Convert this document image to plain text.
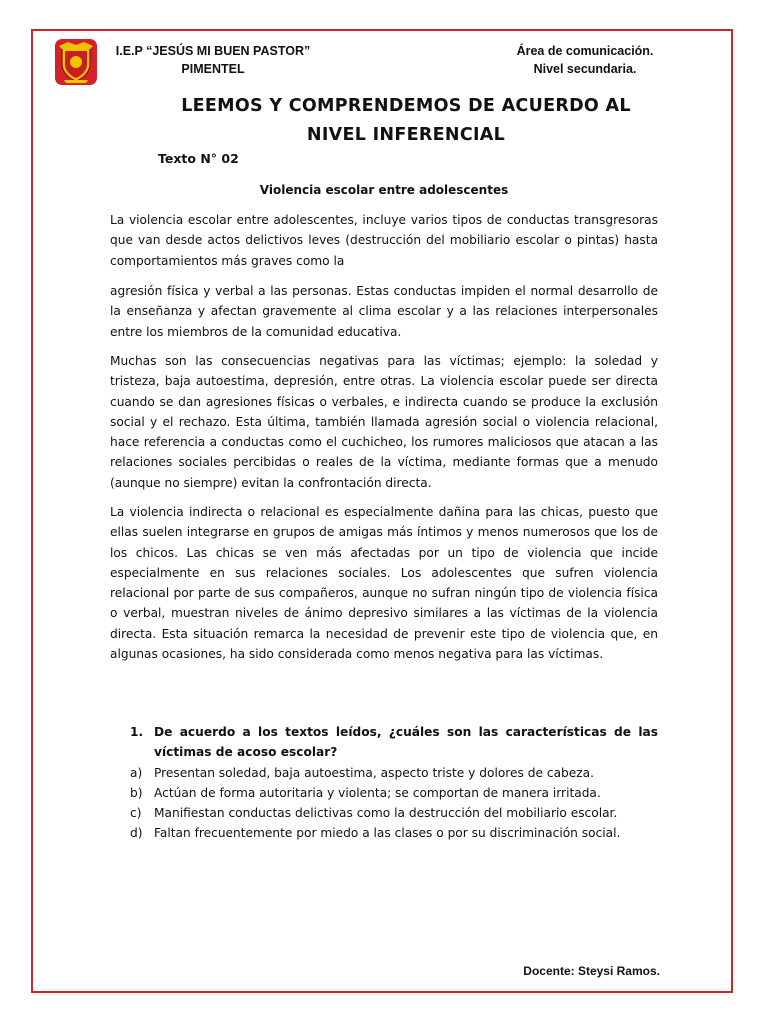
I.E.P “JESÚS MI BUEN PASTOR”
PIMENTEL
Área de comunicación.
Nivel secundaria.
LEEMOS Y COMPRENDEMOS DE ACUERDO AL
NIVEL INFERENCIAL
Texto N° 02
Violencia escolar entre adolescentes

La violencia escolar entre adolescentes, incluye varios tipos de conductas transgresoras que van desde actos delictivos leves (destrucción del mobiliario escolar o pintas) hasta comportamientos más graves como la

agresión física y verbal a las personas. Estas conductas impiden el normal desarrollo de la enseñanza y afectan gravemente al clima escolar y a las relaciones interpersonales entre los miembros de la comunidad educativa.

Muchas son las consecuencias negativas para las víctimas; ejemplo: la soledad y tristeza, baja autoestima, depresión, entre otras. La violencia escolar puede ser directa cuando se dan agresiones físicas o verbales, e indirecta cuando se produce la exclusión social y el rechazo. Esta última, también llamada agresión social o violencia relacional, hace referencia a conductas como el cuchicheo, los rumores maliciosos que atacan a las relaciones sociales percibidas o reales de la víctima, mediante formas que a menudo (aunque no siempre) evitan la confrontación directa.

La violencia indirecta o relacional es especialmente dañina para las chicas, puesto que ellas suelen integrarse en grupos de amigas más íntimos y menos numerosos que los de los chicos. Las chicas se ven más afectadas por un tipo de violencia que incide especialmente en sus relaciones sociales. Los adolescentes que sufren violencia relacional por parte de sus compañeros, aunque no sufran ningún tipo de violencia física o verbal, muestran niveles de ánimo depresivo similares a las víctimas de la violencia directa. Esta situación remarca la necesidad de prevenir este tipo de violencia que, en algunas ocasiones, ha sido considerada como menos negativa para las víctimas.

1. De acuerdo a los textos leídos, ¿cuáles son las características de las víctimas de acoso escolar?
a) Presentan soledad, baja autoestima, aspecto triste y dolores de cabeza.
b) Actúan de forma autoritaria y violenta; se comportan de manera irritada.
c)	Manifiestan conductas delictivas como la destrucción del mobiliario escolar.
d) Faltan frecuentemente por miedo a las clases o por su discriminación social.
Docente: Steysi Ramos.
